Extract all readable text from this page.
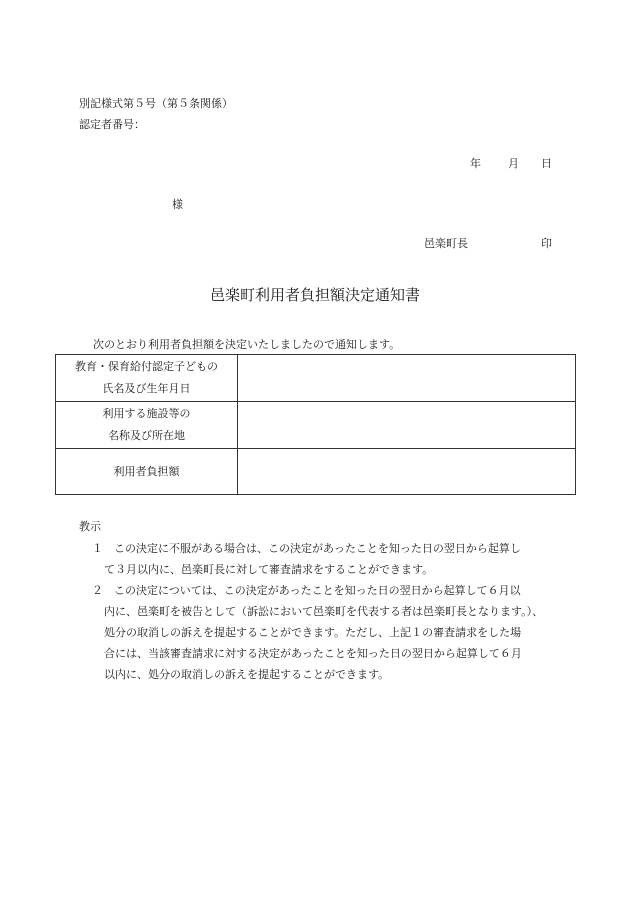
別記様式第５号（第５条関係）
認定者番号：
年 月 日
様
邑楽町長	印
邑楽町利用者負担額決定通知書
次のとおり利用者負担額を決定いたしましたので通知します。
教育・保育給付認定子どもの
氏名及び生年月日	

利用する施設等の
名称及び所在地	

利用者負担額	

教示
１　この決定に不服がある場合は、この決定があったことを知った日の翌日から起算し
て３月以内に、邑楽町長に対して審査請求をすることができます。
２　この決定については、この決定があったことを知った日の翌日から起算して６月以
内に、邑楽町を被告として（訴訟において邑楽町を代表する者は邑楽町長となります。）、
処分の取消しの訴えを提起することができます。ただし、上記１の審査請求をした場
合には、当該審査請求に対する決定があったことを知った日の翌日から起算して６月
以内に、処分の取消しの訴えを提起することができます。
